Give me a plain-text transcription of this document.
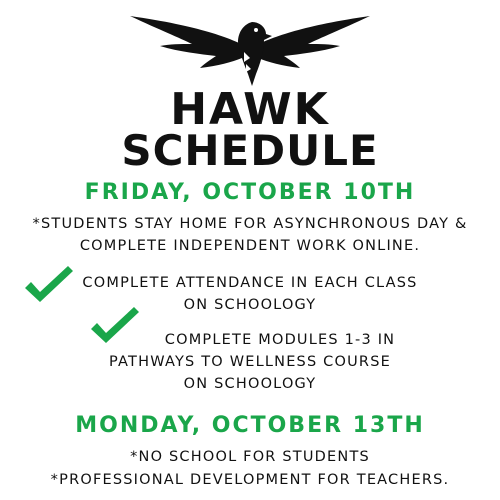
HAWK
SCHEDULE
FRIDAY, OCTOBER 10TH
*STUDENTS STAY HOME FOR ASYNCHRONOUS DAY &
COMPLETE INDEPENDENT WORK ONLINE.
COMPLETE ATTENDANCE IN EACH CLASS
ON SCHOOLOGY
COMPLETE MODULES 1-3 IN
PATHWAYS TO WELLNESS COURSE
ON SCHOOLOGY
MONDAY, OCTOBER 13TH
*NO SCHOOL FOR STUDENTS
*PROFESSIONAL DEVELOPMENT FOR TEACHERS.
